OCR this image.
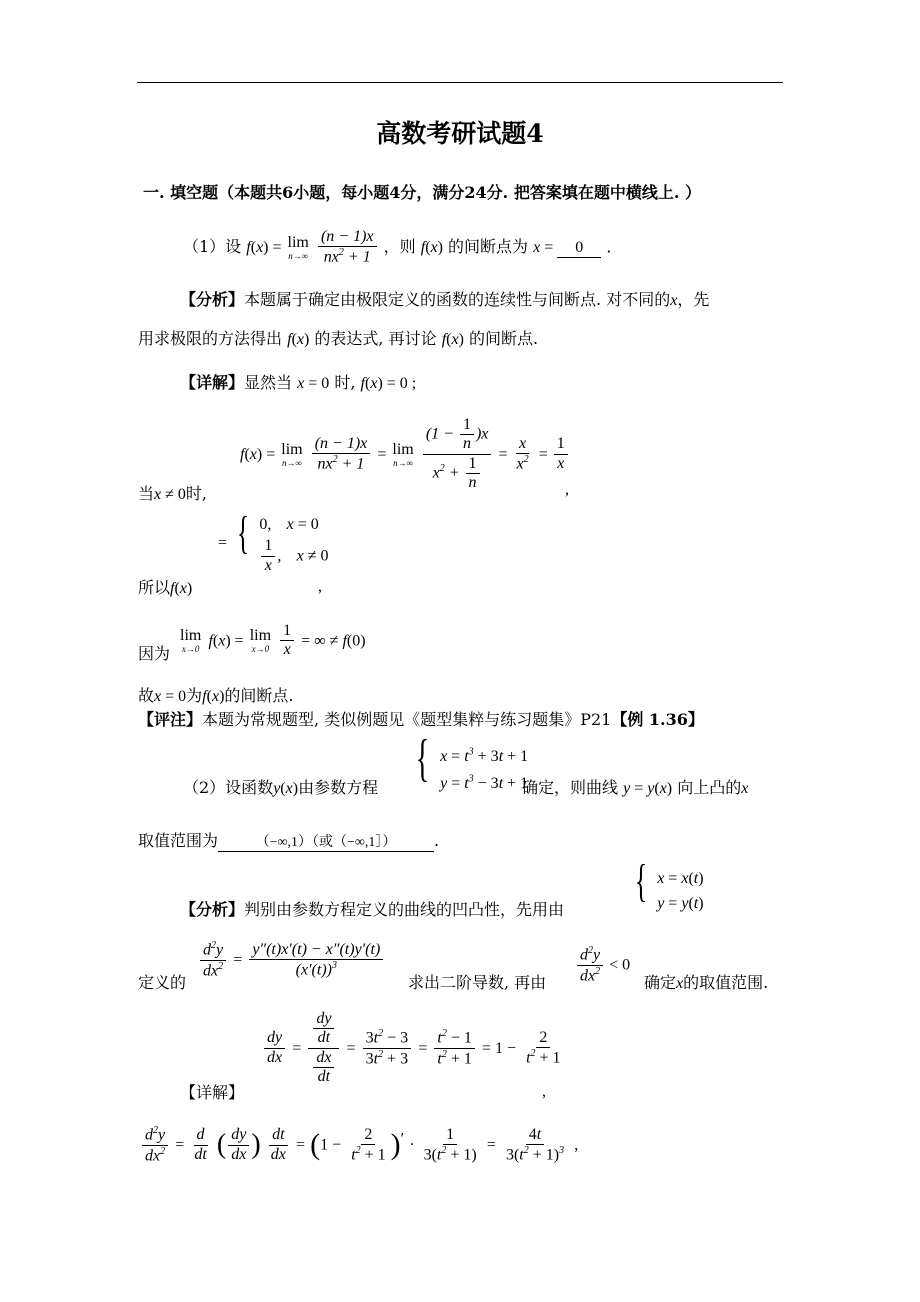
高数考研试题4
一. 填空题（本题共6小题，每小题4分，满分24分. 把答案填在题中横线上. ）
（1）设 f(x) = lim
n→∞
$\frac{(n - 1)x}{nx^2 + 1}$ ，则 f(x) 的间断点为 x = 0 ．
【分析】本题属于确定由极限定义的函数的连续性与间断点. 对不同的x，先
用求极限的方法得出 f(x) 的表达式, 再讨论 f(x) 的间断点.
【详解】显然当 x = 0 时, f(x) = 0 ;
f(x) = lim
n→∞
$\frac{(n - 1)x}{nx^2 + 1} = \lim$
n→∞
$\frac{(1 - \frac{1}{n} )x}{x^2 + \frac{1}{n}} = \frac{x}{x^2} = \frac{1}{x}$
当x ≠ 0时,	,
= { 0, x = 0
$\frac{1}{x}$ , x ≠ 0
所以f(x)	,
lim
x→0 f(x) = lim
x→0
$\frac{1}{x}$ = ∞ ≠ f(0)
因为
故x = 0为f(x)的间断点.
【评注】本题为常规题型, 类似例题见《题型集粹与练习题集》P21【例 1.36】
{ $x = t^3 + 3t + 1$
$y = t^3 - 3t + 1$
（2）设函数y(x)由参数方程	确定，则曲线 y = y(x) 向上凸的x
取值范围为	（−∞,1）（或（−∞,1］） .
{ x = x(t)
y = y(t)
【分析】判别由参数方程定义的曲线的凹凸性，先用由
$\frac{d^2y}{dx^2} = \frac{y''(t)x'(t) - x''(t)y'(t)}{(x'(t))^3}$
定义的	求出二阶导数, 再由 $\frac{d^2y}{dx^2} < 0$
确定x的取值范围.
$\frac{dy}{dx} = \frac{\frac{dy}{dt}}{\frac{dx}{dt}} = \frac{3t^2 - 3}{3t^2 + 3} = \frac{t^2 - 1}{t^2 + 1} = 1 - \frac{2}{t^2 + 1}$
【详解】	,
$\frac{d^2y}{dx^2} = \frac{d}{dt}$ ( $\frac{dy}{dx}$ ) $\frac{dt}{dx} = (1 - \frac{2}{t^2 + 1}$ )′ · $\frac{1}{3(t^2 + 1)} = \frac{4t}{3(t^2 + 1)^3}$ ,
